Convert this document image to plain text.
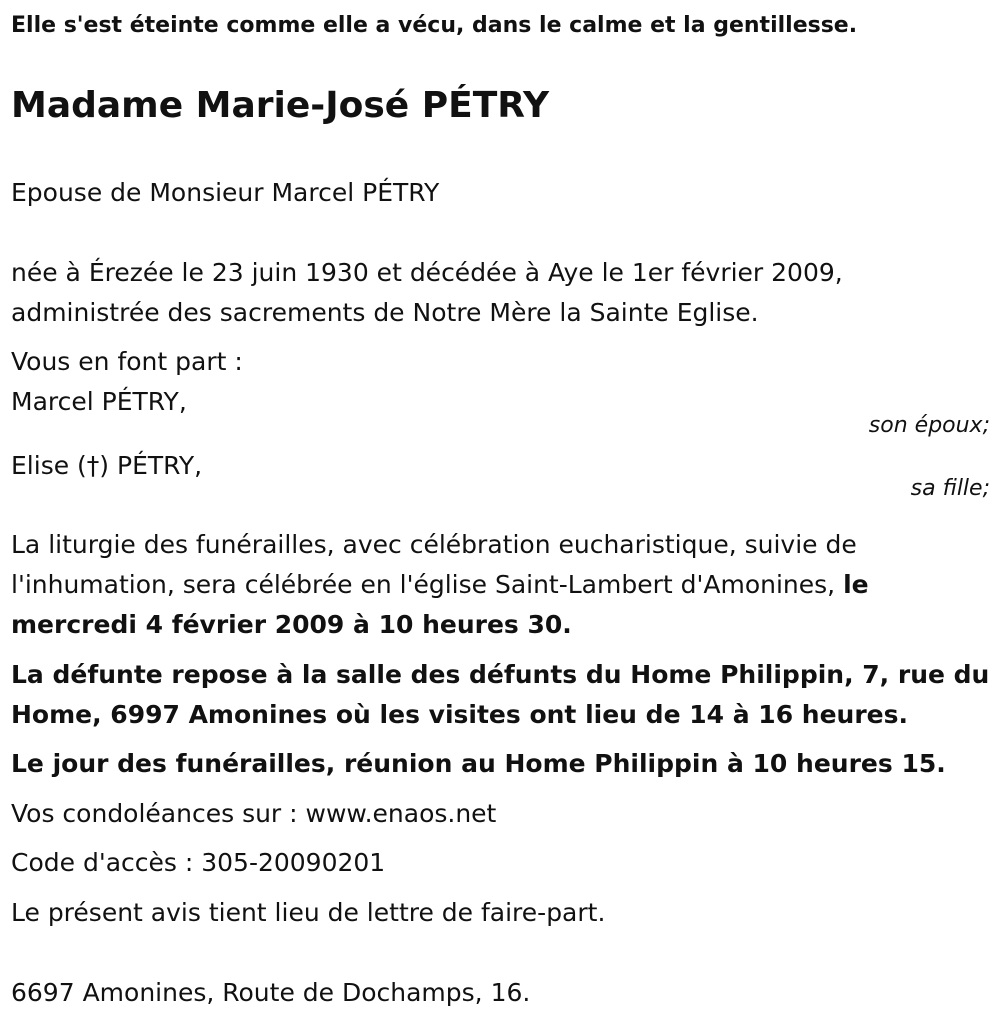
Elle s'est éteinte comme elle a vécu, dans le calme et la gentillesse.

Madame Marie-José PÉTRY

Epouse de Monsieur Marcel PÉTRY

née à Érezée le 23 juin 1930 et décédée à Aye le 1er février 2009,

administrée des sacrements de Notre Mère la Sainte Eglise.

Vous en font part :

Marcel PÉTRY,

son époux;

Elise (†) PÉTRY,

sa fille;

La liturgie des funérailles, avec célébration eucharistique, suivie de

l'inhumation, sera célébrée en l'église Saint-Lambert d'Amonines, le

mercredi 4 février 2009 à 10 heures 30.

La défunte repose à la salle des défunts du Home Philippin, 7, rue du

Home, 6997 Amonines où les visites ont lieu de 14 à 16 heures.

Le jour des funérailles, réunion au Home Philippin à 10 heures 15.

Vos condoléances sur : www.enaos.net

Code d'accès : 305-20090201

Le présent avis tient lieu de lettre de faire-part.

6697 Amonines, Route de Dochamps, 16.
